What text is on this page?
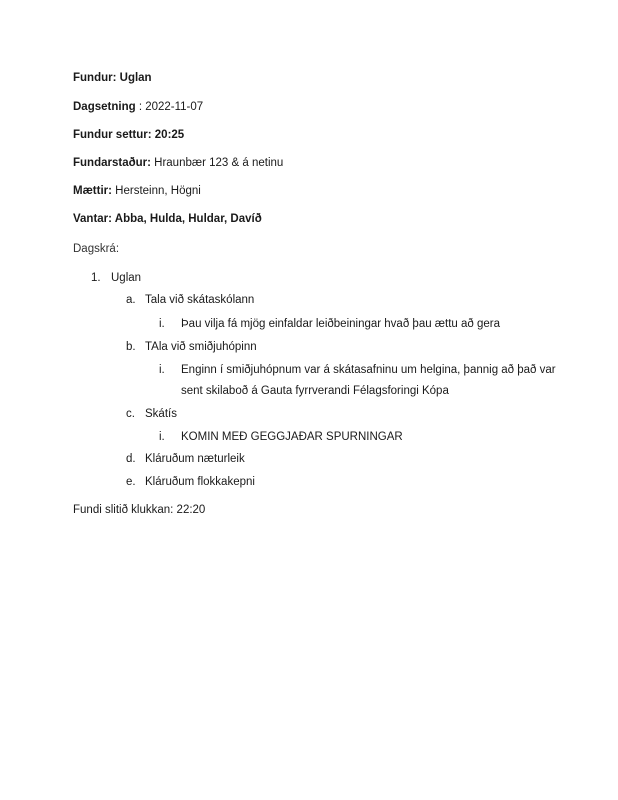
Fundur: Uglan
Dagsetning : 2022-11-07
Fundur settur: 20:25
Fundarstaður: Hraunbær 123 & á netinu
Mættir: Hersteinn, Högni
Vantar: Abba, Hulda, Huldar, Davíð
Dagskrá:
1. Uglan
a. Tala við skátaskólann
i. Þau vilja fá mjög einfaldar leiðbeiningar hvað þau ættu að gera
b. TAla við smiðjuhópinn
i. Enginn í smiðjuhópnum var á skátasafninu um helgina, þannig að það var
sent skilaboð á Gauta fyrrverandi Félagsforingi Kópa
c. Skátís
i. KOMIN MEÐ GEGGJAÐAR SPURNINGAR
d. Kláruðum næturleik
e. Kláruðum flokkakepni
Fundi slitið klukkan: 22:20
